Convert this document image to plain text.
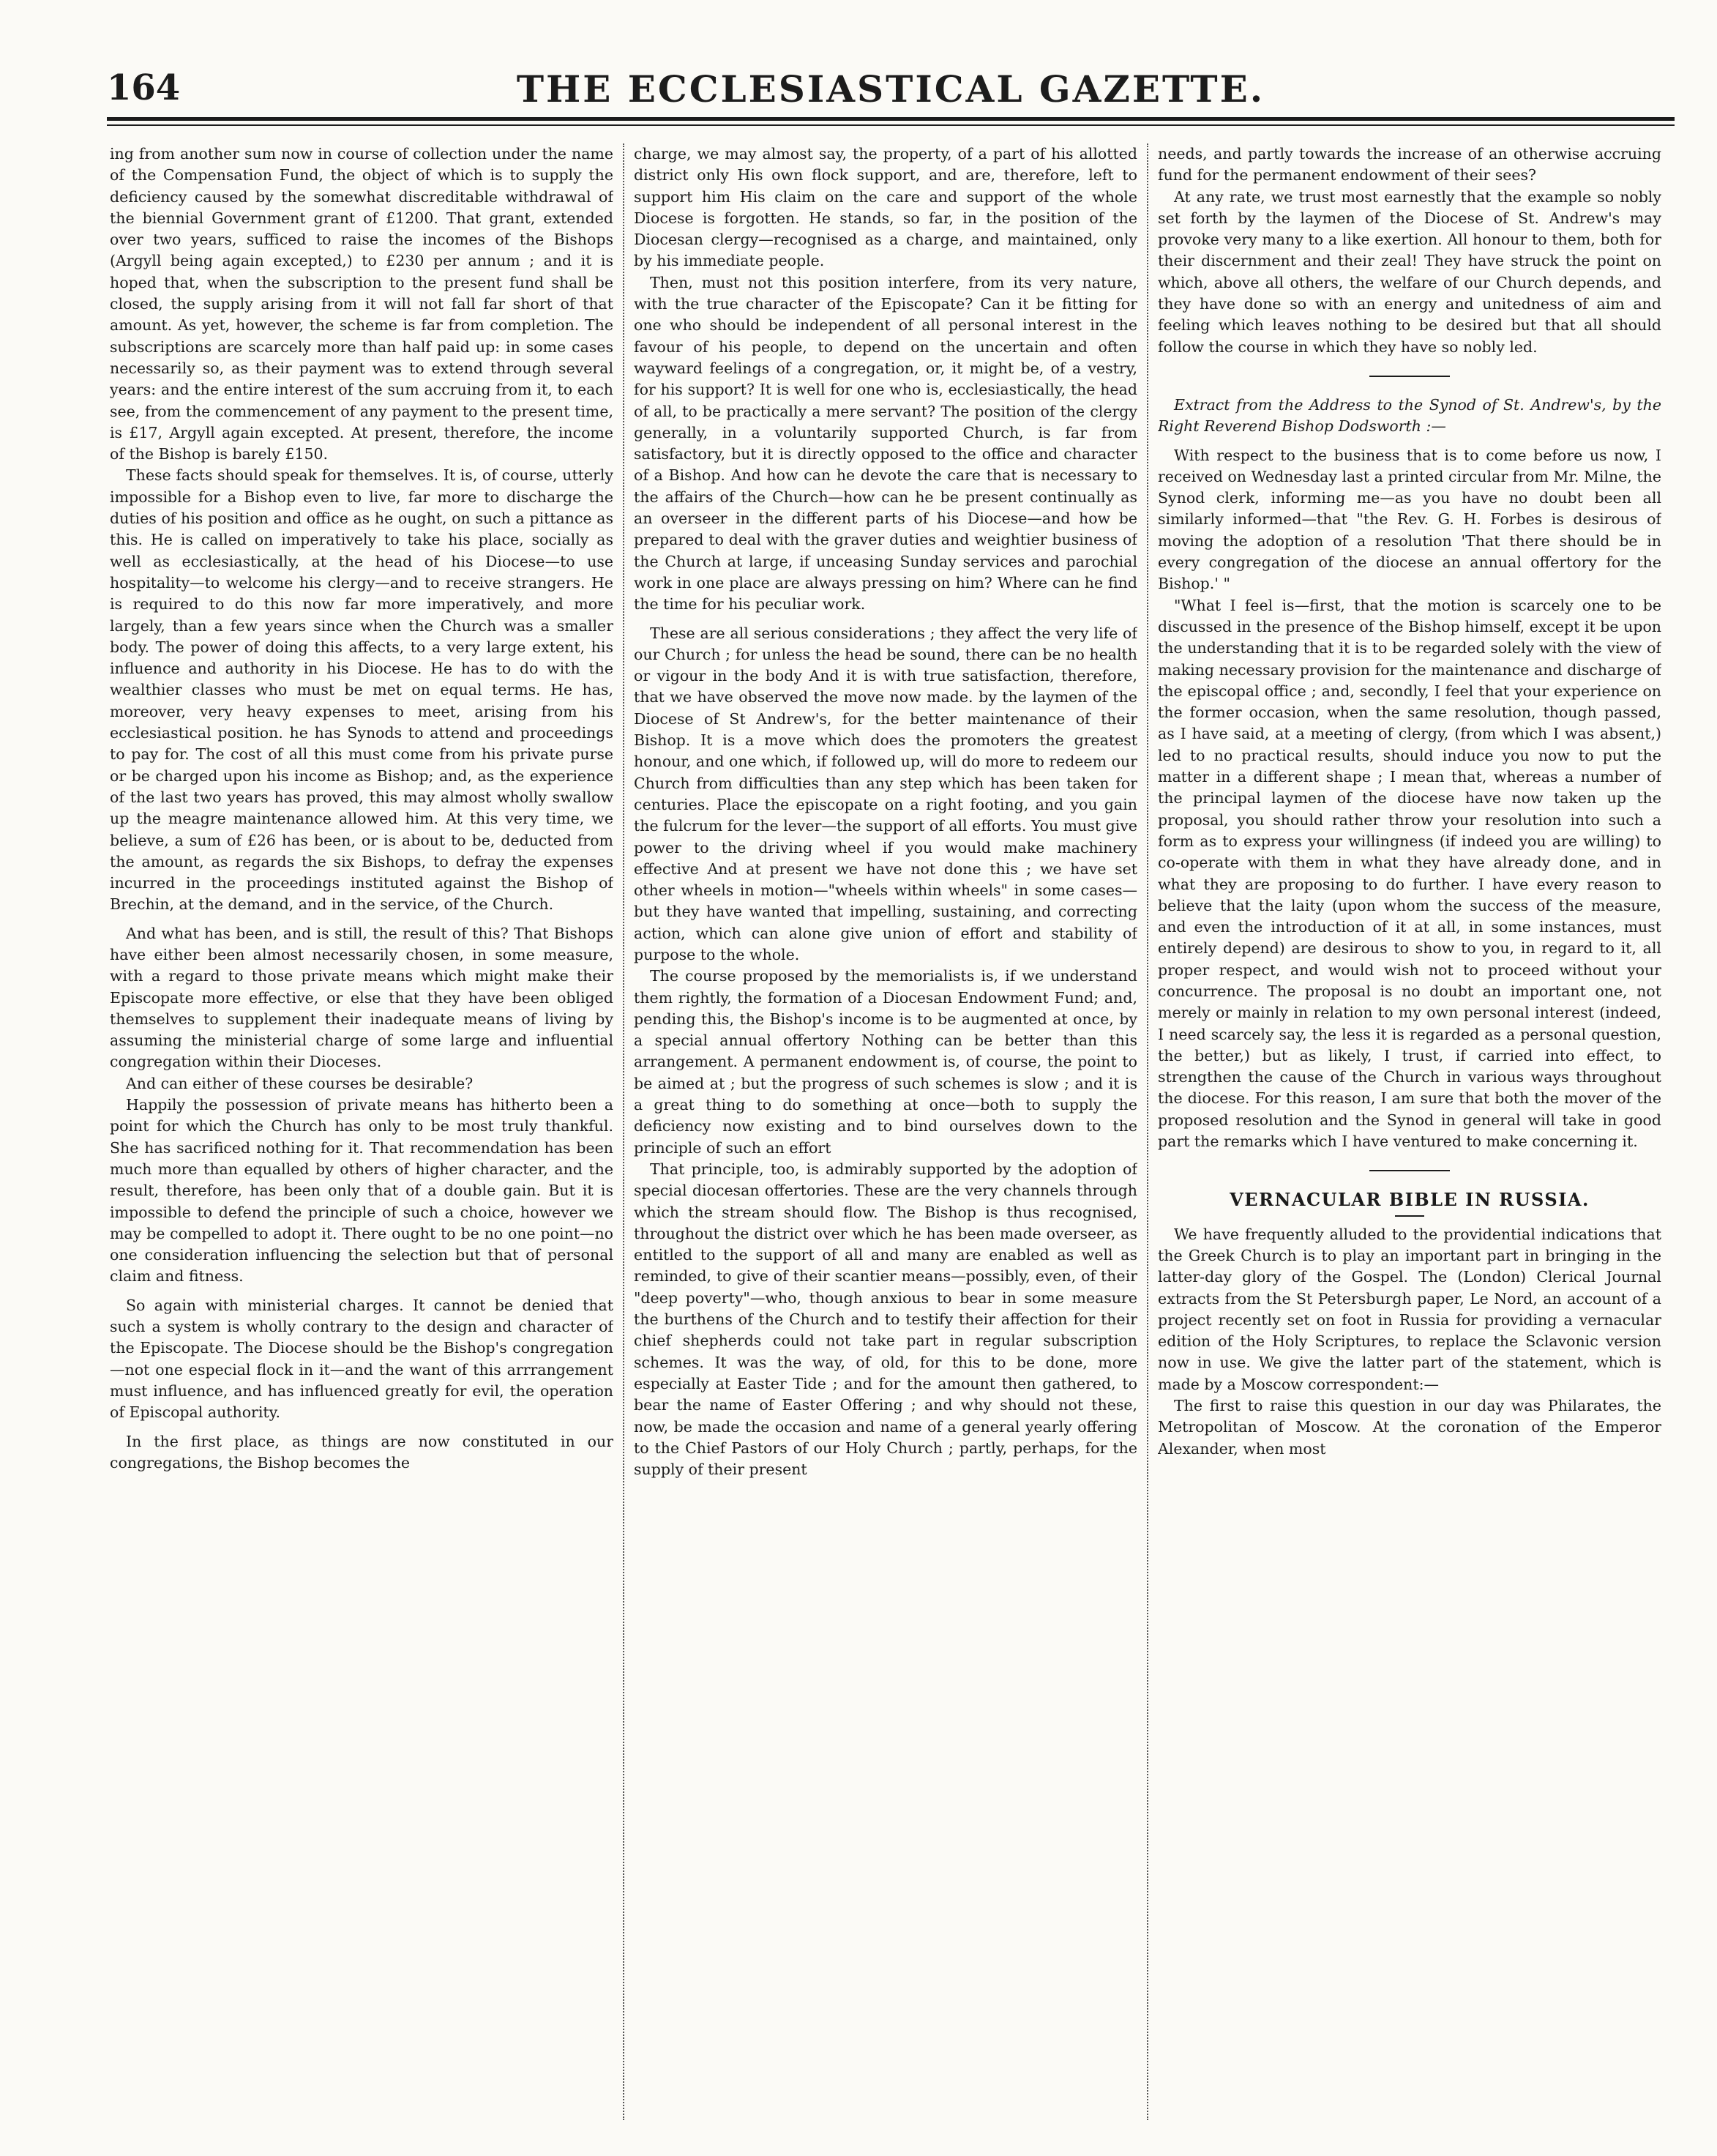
THE ECCLESIASTICAL GAZETTE.
164

ing from another sum now in course of collection under the name of the Compensation Fund, the object of which is to supply the deficiency caused by the somewhat discreditable withdrawal of the biennial Government grant of £1200. That grant, extended over two years, sufficed to raise the incomes of the Bishops (Argyll being again excepted,) to £230 per annum ; and it is hoped that, when the subscription to the present fund shall be closed, the supply arising from it will not fall far short of that amount. As yet, however, the scheme is far from completion. The subscriptions are scarcely more than half paid up: in some cases necessarily so, as their payment was to extend through several years: and the entire interest of the sum accruing from it, to each see, from the commencement of any payment to the present time, is £17, Argyll again excepted. At present, therefore, the income of the Bishop is barely £150.

These facts should speak for themselves. It is, of course, utterly impossible for a Bishop even to live, far more to discharge the duties of his position and office as he ought, on such a pittance as this. He is called on imperatively to take his place, socially as well as ecclesiastically, at the head of his Diocese—to use hospitality—to welcome his clergy—and to receive strangers. He is required to do this now far more imperatively, and more largely, than a few years since when the Church was a smaller body. The power of doing this affects, to a very large extent, his influence and authority in his Diocese. He has to do with the wealthier classes who must be met on equal terms. He has, moreover, very heavy expenses to meet, arising from his ecclesiastical position. he has Synods to attend and proceedings to pay for. The cost of all this must come from his private purse or be charged upon his income as Bishop; and, as the experience of the last two years has proved, this may almost wholly swallow up the meagre maintenance allowed him. At this very time, we believe, a sum of £26 has been, or is about to be, deducted from the amount, as regards the six Bishops, to defray the expenses incurred in the proceedings instituted against the Bishop of Brechin, at the demand, and in the service, of the Church.

And what has been, and is still, the result of this? That Bishops have either been almost necessarily chosen, in some measure, with a regard to those private means which might make their Episcopate more effective, or else that they have been obliged themselves to supplement their inadequate means of living by assuming the ministerial charge of some large and influential congregation within their Dioceses.

And can either of these courses be desirable?

Happily the possession of private means has hitherto been a point for which the Church has only to be most truly thankful. She has sacrificed nothing for it. That recommendation has been much more than equalled by others of higher character, and the result, therefore, has been only that of a double gain. But it is impossible to defend the principle of such a choice, however we may be compelled to adopt it. There ought to be no one point—no one consideration influencing the selection but that of personal claim and fitness.

So again with ministerial charges. It cannot be denied that such a system is wholly contrary to the design and character of the Episcopate. The Diocese should be the Bishop's congregation —not one especial flock in it—and the want of this arrrangement must influence, and has influenced greatly for evil, the operation of Episcopal authority.

In the first place, as things are now constituted in our congregations, the Bishop becomes the

charge, we may almost say, the property, of a part of his allotted district only His own flock support, and are, therefore, left to support him His claim on the care and support of the whole Diocese is forgotten. He stands, so far, in the position of the Diocesan clergy—recognised as a charge, and maintained, only by his immediate people.

Then, must not this position interfere, from its very nature, with the true character of the Episcopate? Can it be fitting for one who should be independent of all personal interest in the favour of his people, to depend on the uncertain and often wayward feelings of a congregation, or, it might be, of a vestry, for his support? It is well for one who is, ecclesiastically, the head of all, to be practically a mere servant? The position of the clergy generally, in a voluntarily supported Church, is far from satisfactory, but it is directly opposed to the office and character of a Bishop. And how can he devote the care that is necessary to the affairs of the Church—how can he be present continually as an overseer in the different parts of his Diocese—and how be prepared to deal with the graver duties and weightier business of the Church at large, if unceasing Sunday services and parochial work in one place are always pressing on him? Where can he find the time for his peculiar work.

These are all serious considerations ; they affect the very life of our Church ; for unless the head be sound, there can be no health or vigour in the body And it is with true satisfaction, therefore, that we have observed the move now made. by the laymen of the Diocese of St Andrew's, for the better maintenance of their Bishop. It is a move which does the promoters the greatest honour, and one which, if followed up, will do more to redeem our Church from difficulties than any step which has been taken for centuries. Place the episcopate on a right footing, and you gain the fulcrum for the lever—the support of all efforts. You must give power to the driving wheel if you would make machinery effective And at present we have not done this ; we have set other wheels in motion—"wheels within wheels" in some cases—but they have wanted that impelling, sustaining, and correcting action, which can alone give union of effort and stability of purpose to the whole.

The course proposed by the memorialists is, if we understand them rightly, the formation of a Diocesan Endowment Fund; and, pending this, the Bishop's income is to be augmented at once, by a special annual offertory Nothing can be better than this arrangement. A permanent endowment is, of course, the point to be aimed at ; but the progress of such schemes is slow ; and it is a great thing to do something at once—both to supply the deficiency now existing and to bind ourselves down to the principle of such an effort

That principle, too, is admirably supported by the adoption of special diocesan offertories. These are the very channels through which the stream should flow. The Bishop is thus recognised, throughout the district over which he has been made overseer, as entitled to the support of all and many are enabled as well as reminded, to give of their scantier means—possibly, even, of their "deep poverty"—who, though anxious to bear in some measure the burthens of the Church and to testify their affection for their chief shepherds could not take part in regular subscription schemes. It was the way, of old, for this to be done, more especially at Easter Tide ; and for the amount then gathered, to bear the name of Easter Offering ; and why should not these, now, be made the occasion and name of a general yearly offering to the Chief Pastors of our Holy Church ; partly, perhaps, for the supply of their present

needs, and partly towards the increase of an otherwise accruing fund for the permanent endowment of their sees?

At any rate, we trust most earnestly that the example so nobly set forth by the laymen of the Diocese of St. Andrew's may provoke very many to a like exertion. All honour to them, both for their discernment and their zeal! They have struck the point on which, above all others, the welfare of our Church depends, and they have done so with an energy and unitedness of aim and feeling which leaves nothing to be desired but that all should follow the course in which they have so nobly led.

Extract from the Address to the Synod of St. Andrew's, by the Right Reverend Bishop Dodsworth :—

With respect to the business that is to come before us now, I received on Wednesday last a printed circular from Mr. Milne, the Synod clerk, informing me—as you have no doubt been all similarly informed—that "the Rev. G. H. Forbes is desirous of moving the adoption of a resolution 'That there should be in every congregation of the diocese an annual offertory for the Bishop.' "

"What I feel is—first, that the motion is scarcely one to be discussed in the presence of the Bishop himself, except it be upon the understanding that it is to be regarded solely with the view of making necessary provision for the maintenance and discharge of the episcopal office ; and, secondly, I feel that your experience on the former occasion, when the same resolution, though passed, as I have said, at a meeting of clergy, (from which I was absent,) led to no practical results, should induce you now to put the matter in a different shape ; I mean that, whereas a number of the principal laymen of the diocese have now taken up the proposal, you should rather throw your resolution into such a form as to express your willingness (if indeed you are willing) to co-operate with them in what they have already done, and in what they are proposing to do further. I have every reason to believe that the laity (upon whom the success of the measure, and even the introduction of it at all, in some instances, must entirely depend) are desirous to show to you, in regard to it, all proper respect, and would wish not to proceed without your concurrence. The proposal is no doubt an important one, not merely or mainly in relation to my own personal interest (indeed, I need scarcely say, the less it is regarded as a personal question, the better,) but as likely, I trust, if carried into effect, to strengthen the cause of the Church in various ways throughout the diocese. For this reason, I am sure that both the mover of the proposed resolution and the Synod in general will take in good part the remarks which I have ventured to make concerning it.

VERNACULAR BIBLE IN RUSSIA.

We have frequently alluded to the providential indications that the Greek Church is to play an important part in bringing in the latter-day glory of the Gospel. The (London) Clerical Journal extracts from the St Petersburgh paper, Le Nord, an account of a project recently set on foot in Russia for providing a vernacular edition of the Holy Scriptures, to replace the Sclavonic version now in use. We give the latter part of the statement, which is made by a Moscow correspondent:—

The first to raise this question in our day was Philarates, the Metropolitan of Moscow. At the coronation of the Emperor Alexander, when most
